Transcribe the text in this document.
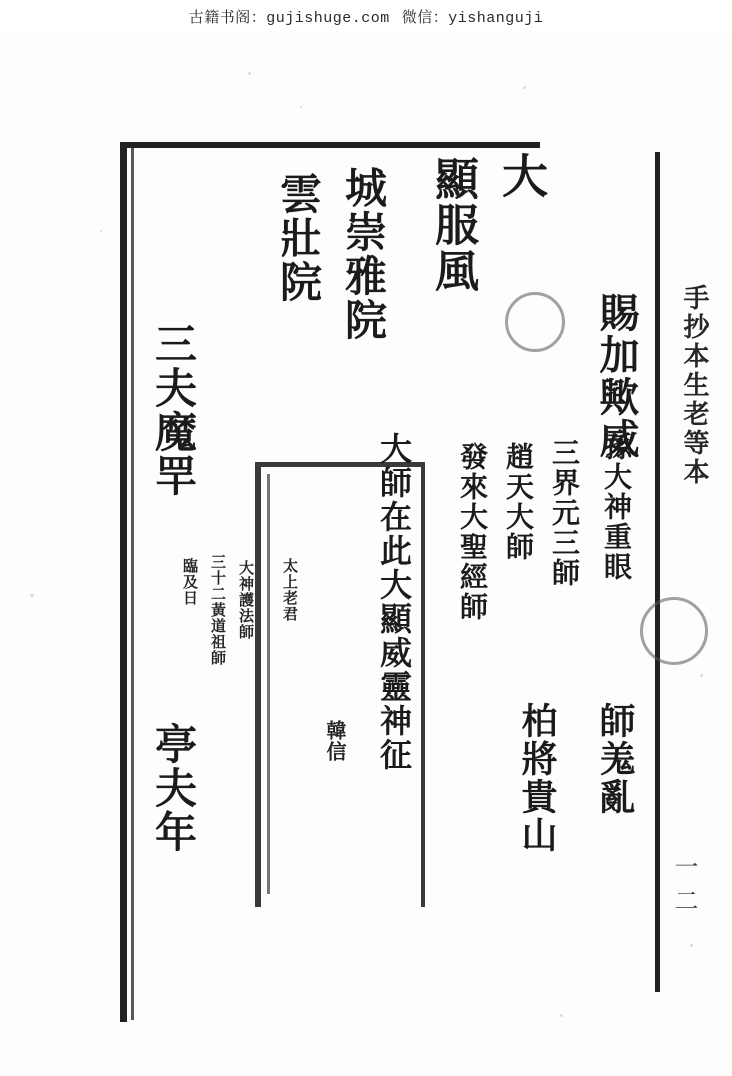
古籍书阁：gujishuge.com 微信：yishanguji
大
顯服風
城崇雅院
雲壯院
賜加歟威
三夫魔䍐
亭夫年
大師在此大顯威靈神征 發來大聖經師 趙天大師 三界元三師 孫大神重眼
師羗亂
柏將貴山
三十二黃道祖師 大神護法師 太上老君
臨及日
韓信
手抄本生老等本
一二
